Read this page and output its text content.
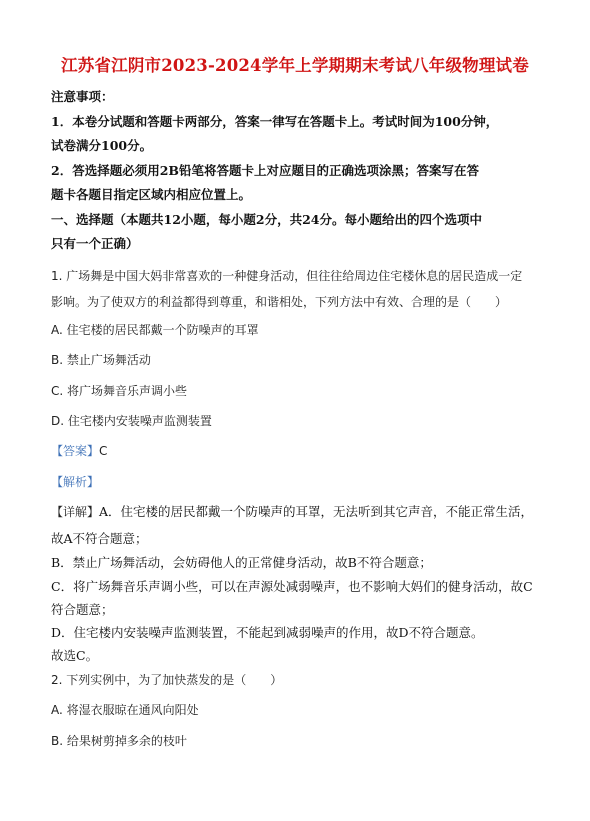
江苏省江阴市2023-2024学年上学期期末考试八年级物理试卷
注意事项：
1．本卷分试题和答题卡两部分，答案一律写在答题卡上。考试时间为100分钟，
试卷满分100分。
2．答选择题必须用2B铅笔将答题卡上对应题目的正确选项涂黑；答案写在答
题卡各题目指定区域内相应位置上。
一、选择题（本题共12小题，每小题2分，共24分。每小题给出的四个选项中
只有一个正确）
1. 广场舞是中国大妈非常喜欢的一种健身活动，但往往给周边住宅楼休息的居民造成一定
影响。为了使双方的利益都得到尊重，和谐相处，下列方法中有效、合理的是（　　）
A. 住宅楼的居民都戴一个防噪声的耳罩
B. 禁止广场舞活动
C. 将广场舞音乐声调小些
D. 住宅楼内安装噪声监测装置
【答案】C
【解析】
【详解】A．住宅楼的居民都戴一个防噪声的耳罩，无法听到其它声音，不能正常生活，
故A不符合题意；
B．禁止广场舞活动，会妨碍他人的正常健身活动，故B不符合题意；
C．将广场舞音乐声调小些，可以在声源处减弱噪声，也不影响大妈们的健身活动，故C
符合题意；
D．住宅楼内安装噪声监测装置，不能起到减弱噪声的作用，故D不符合题意。
故选C。
2. 下列实例中，为了加快蒸发的是（　　）
A. 将湿衣服晾在通风向阳处
B. 给果树剪掉多余的枝叶
